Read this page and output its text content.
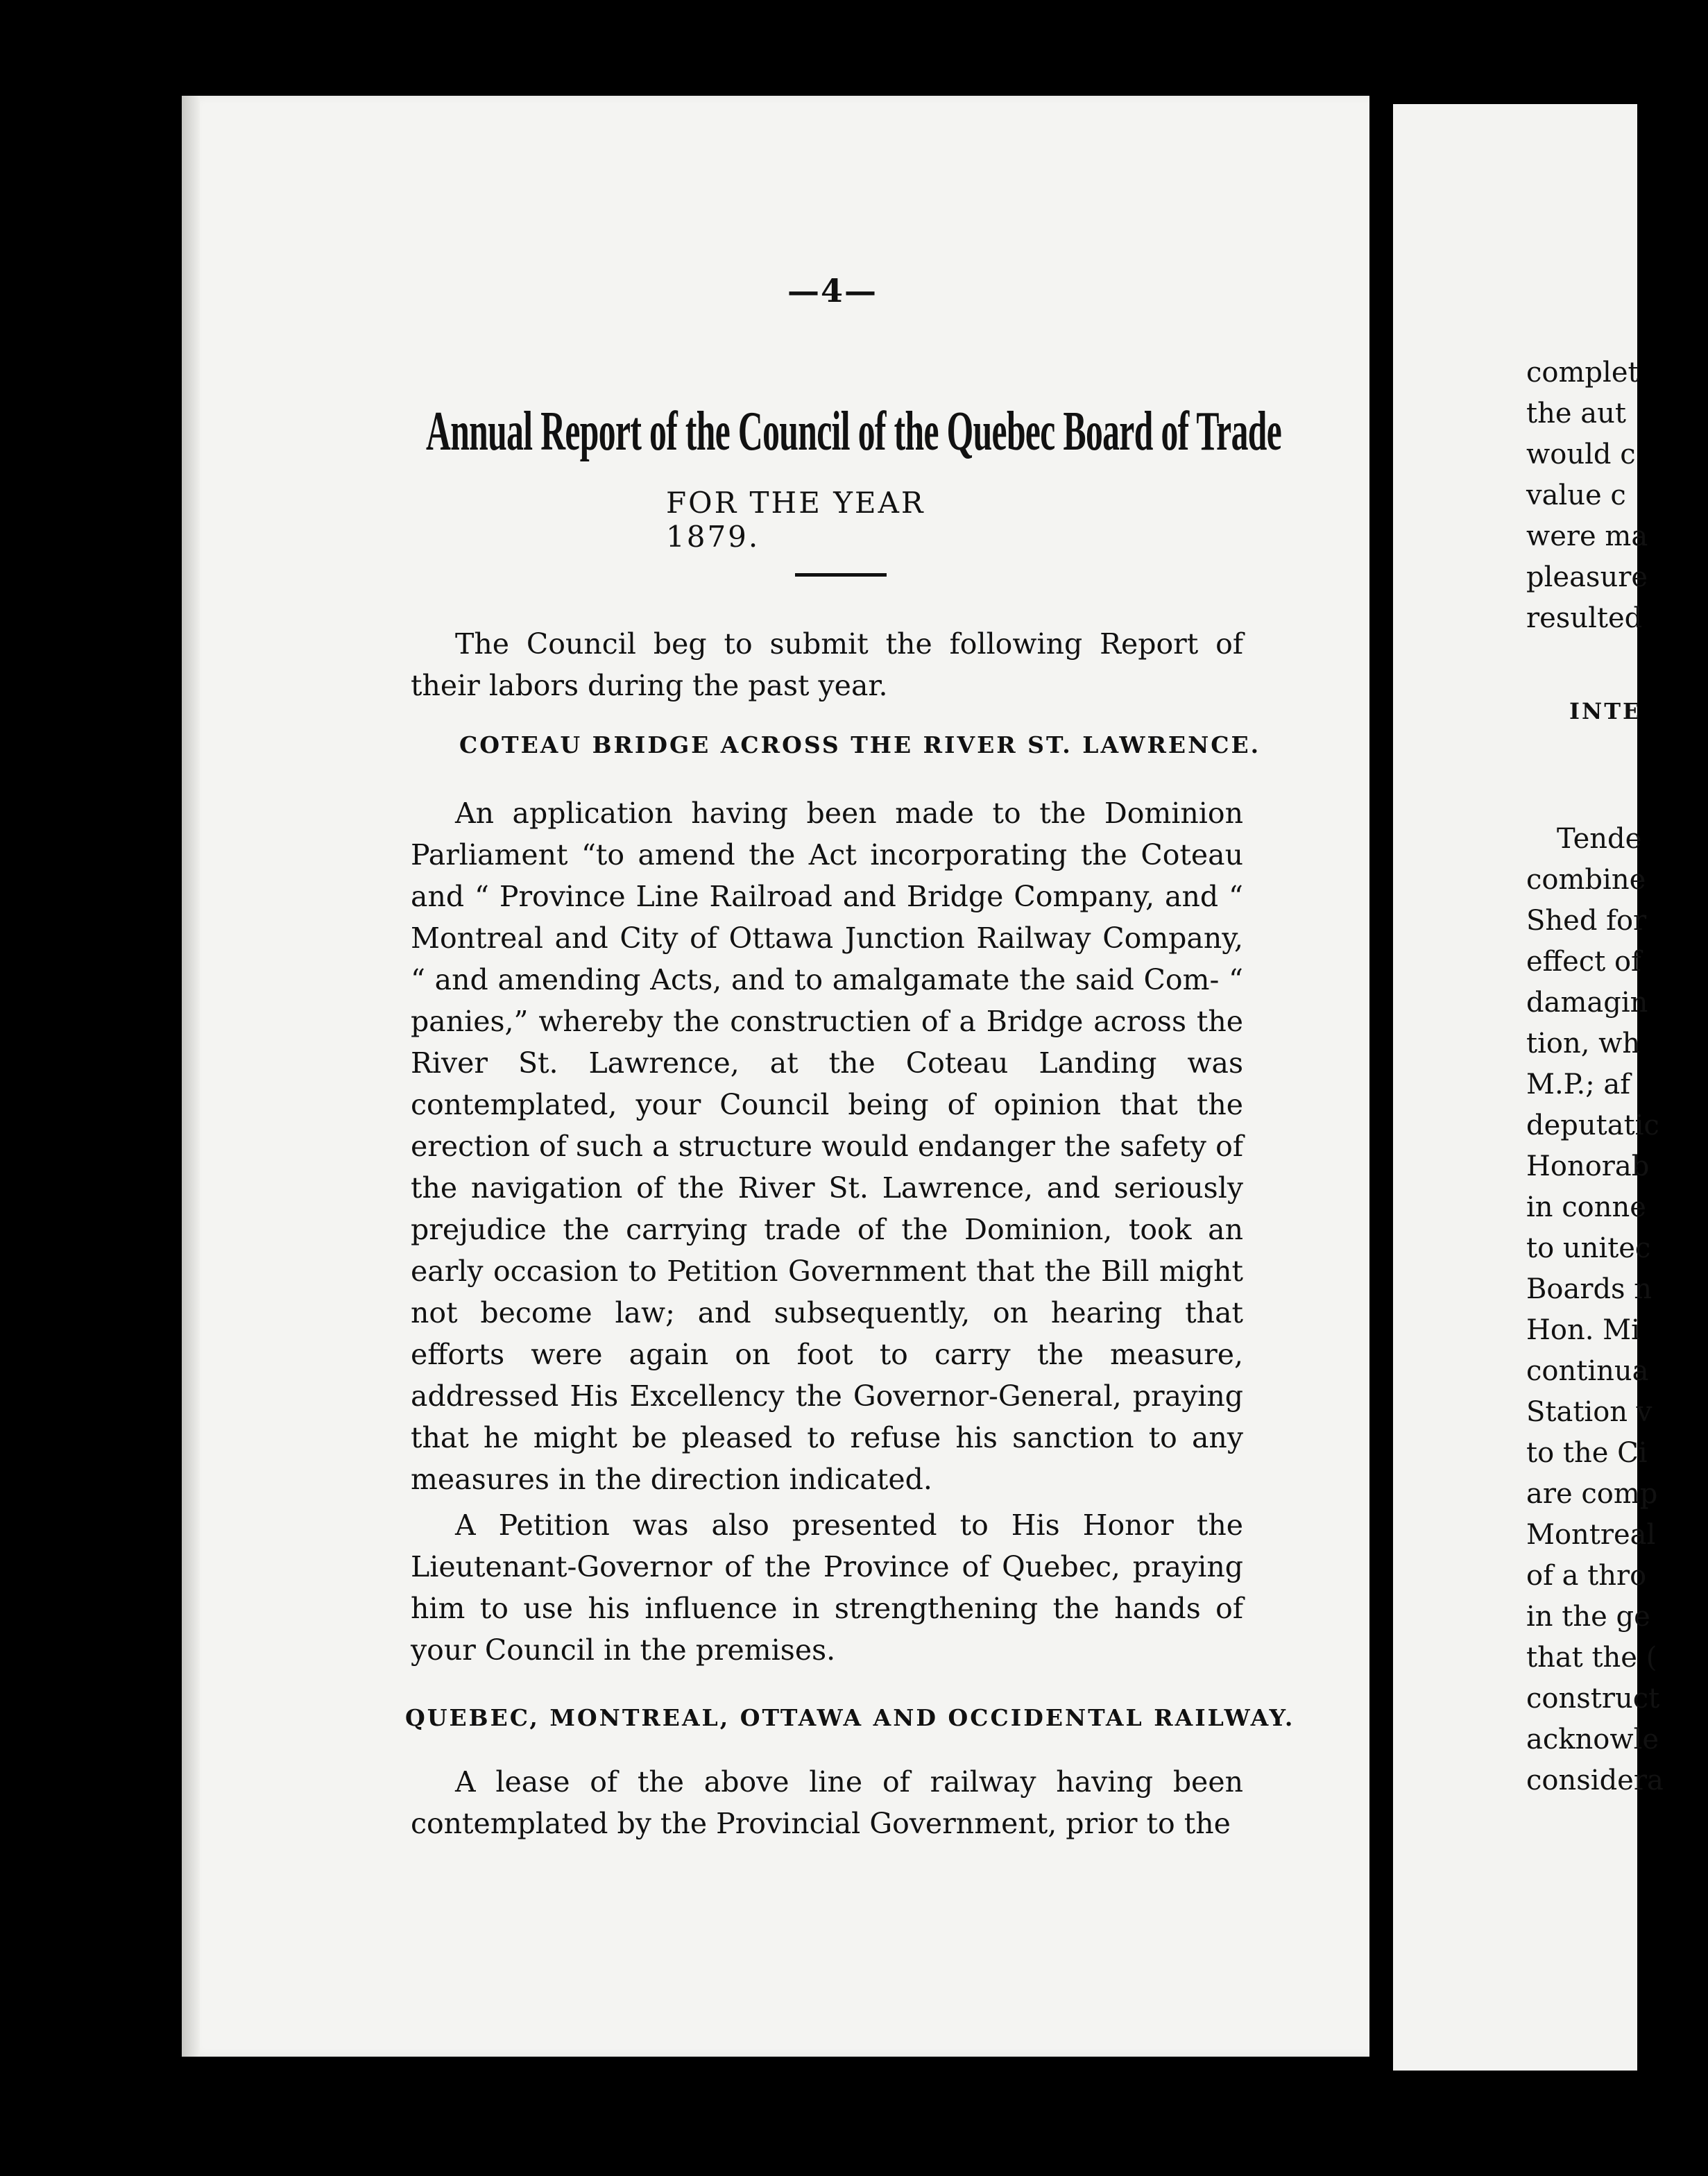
—4—
Annual Report of the Council of the Quebec Board of Trade
FOR THE YEAR 1879.

The Council beg to submit the following Report of their labors during the past year.

COTEAU BRIDGE ACROSS THE RIVER ST. LAWRENCE.

An application having been made to the Dominion Parliament “to amend the Act incorporating the Coteau and “ Province Line Railroad and Bridge Company, and “ Montreal and City of Ottawa Junction Railway Company, “ and amending Acts, and to amalgamate the said Com- “ panies,” whereby the constructien of a Bridge across the River St. Lawrence, at the Coteau Landing was contemplated, your Council being of opinion that the erection of such a structure would endanger the safety of the navigation of the River St. Lawrence, and seriously prejudice the carrying trade of the Dominion, took an early occasion to Petition Government that the Bill might not become law; and subsequently, on hearing that efforts were again on foot to carry the measure, addressed His Excellency the Governor-General, praying that he might be pleased to refuse his sanction to any measures in the direction indicated.

A Petition was also presented to His Honor the Lieutenant-Governor of the Province of Quebec, praying him to use his influence in strengthening the hands of your Council in the premises.

QUEBEC, MONTREAL, OTTAWA AND OCCIDENTAL RAILWAY.

A lease of the above line of railway having been contemplated by the Provincial Government, prior to the

complet
the aut
would c
value c
were ma
pleasure
resulted
INTE
Tende
combine
Shed for
effect of
damagin
tion, wh
M.P.; af
deputatic
Honorab
in conne
to unitec
Boards n
Hon. Mi
continua
Station v
to the Ci
are comp
Montreal
of a thro
in the ge
that the (
construct
acknowle
considera
